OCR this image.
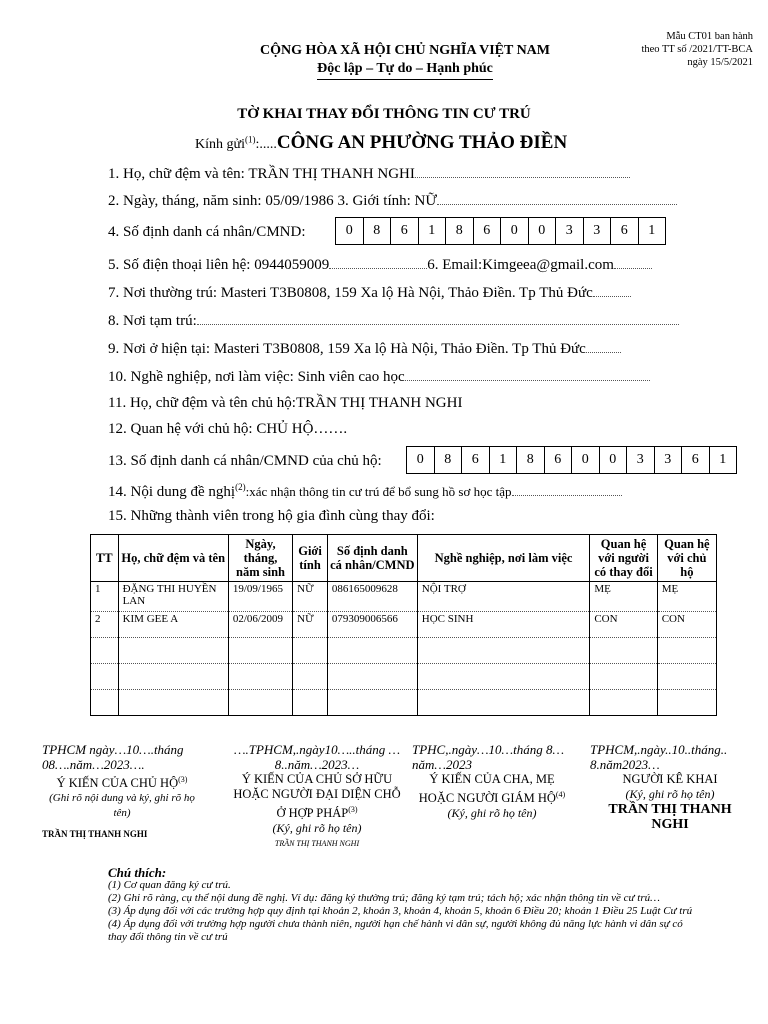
CỘNG HÒA XÃ HỘI CHỦ NGHĨA VIỆT NAM
Độc lập – Tự do – Hạnh phúc
Mẫu CT01 ban hành
theo TT số /2021/TT-BCA
ngày 15/5/2021
TỜ KHAI THAY ĐỔI THÔNG TIN CƯ TRÚ
Kính gửi$^{(1)}$:.....CÔNG AN PHƯỜNG THẢO ĐIỀN
1. Họ, chữ đệm và tên: TRẦN THỊ THANH NGHI
2. Ngày, tháng, năm sinh: 05/09/1986 3. Giới tính: NỮ
4. Số định danh cá nhân/CMND:	0	8	6	1	8	6	0	0	3	3	6	1
5. Số điện thoại liên hệ: 0944059009	6. Email:Kimgeea@gmail.com
7. Nơi thường trú: Masteri T3B0808, 159 Xa lộ Hà Nội, Thảo Điền. Tp Thủ Đức
8. Nơi tạm trú:
9. Nơi ở hiện tại: Masteri T3B0808, 159 Xa lộ Hà Nội, Thảo Điền. Tp Thủ Đức
10. Nghề nghiệp, nơi làm việc: Sinh viên cao học
11. Họ, chữ đệm và tên chủ hộ:TRẦN THỊ THANH NGHI
12. Quan hệ với chủ hộ: CHỦ HỘ…….
13. Số định danh cá nhân/CMND của chủ hộ:	0	8	6	1	8	6	0	0	3	3	6	1
14. Nội dung đề nghị$^{(2)}$:xác nhận thông tin cư trú để bổ sung hồ sơ học tập
15. Những thành viên trong hộ gia đình cùng thay đổi:
TT	Họ, chữ đệm và tên	Ngày, tháng, năm sinh	Giới tính	Số định danh cá nhân/CMND	Nghề nghiệp, nơi làm việc	Quan hệ với người có thay đổi	Quan hệ với chủ hộ
1	ĐẶNG THI HUYỀN LAN	19/09/1965	NỮ	086165009628	NỘI TRỢ	MẸ	MẸ
2	KIM GEE A	02/06/2009	NỮ	079309006566	HỌC SINH	CON	CON

TPHCM ngày…10….tháng 08….năm…2023….
Ý KIẾN CỦA CHỦ HỘ$^{(3)}$
(Ghi rõ nội dung và ký, ghi rõ họ tên)
TRẦN THỊ THANH NGHI
….TPHCM,.ngày10…..tháng …8..năm…2023…
Ý KIẾN CỦA CHỦ SỞ HỮU HOẶC NGƯỜI ĐẠI DIỆN CHỖ Ở HỢP PHÁP$^{(3)}$
(Ký, ghi rõ họ tên)
TRẦN THỊ THANH NGHI
TPHC,.ngày…10…tháng 8…năm…2023
Ý KIẾN CỦA CHA, MẸ HOẶC NGƯỜI GIÁM HỘ$^{(4)}$
(Ký, ghi rõ họ tên)
TPHCM,.ngày..10..tháng.. 8.năm2023…
NGƯỜI KÊ KHAI
(Ký, ghi rõ họ tên)
TRẦN THỊ THANH NGHI
Chú thích:
(1) Cơ quan đăng ký cư trú.
(2) Ghi rõ ràng, cụ thể nội dung đề nghị. Ví dụ: đăng ký thường trú; đăng ký tạm trú; tách hộ; xác nhận thông tin về cư trú…
(3) Áp dụng đối với các trường hợp quy định tại khoản 2, khoản 3, khoản 4, khoản 5, khoản 6 Điều 20; khoản 1 Điều 25 Luật Cư trú
(4) Áp dụng đối với trường hợp người chưa thành niên, người hạn chế hành vi dân sự, người không đủ năng lực hành vi dân sự có thay đổi thông tin về cư trú
